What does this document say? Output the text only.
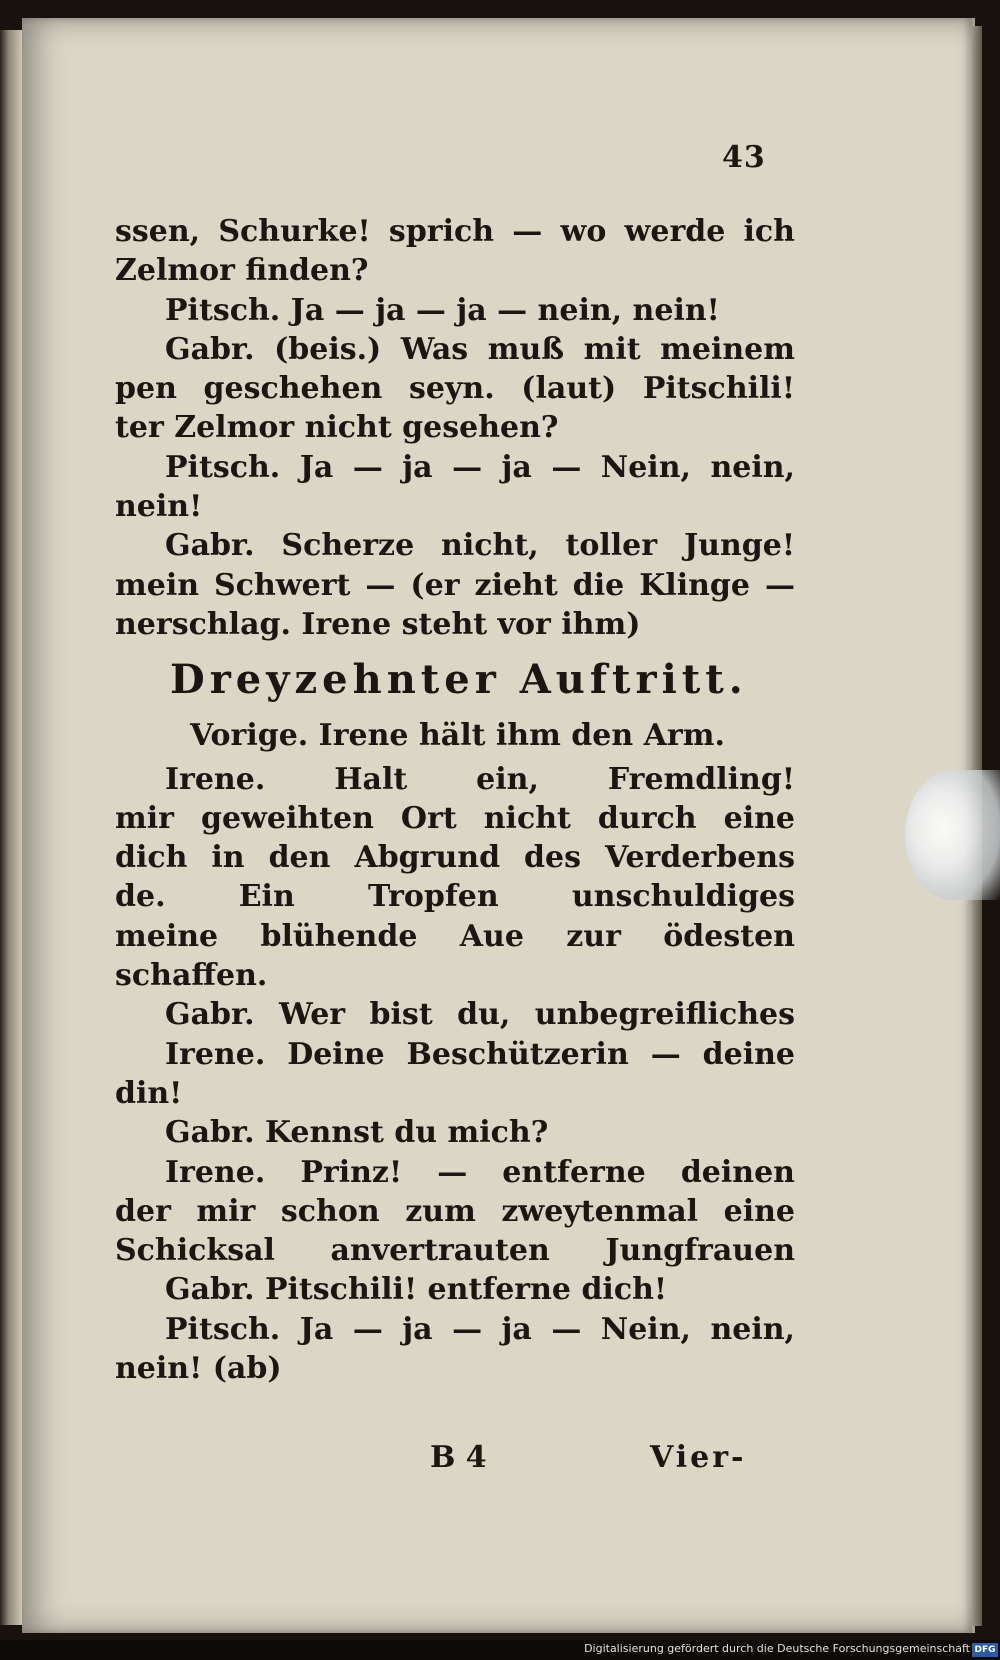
43
ssen, Schurke! sprich — wo werde ich
Zelmor finden?
Pitsch. Ja — ja — ja — nein, nein!
Gabr. (beis.) Was muß mit meinem
pen geschehen seyn. (laut) Pitschili!
ter Zelmor nicht gesehen?
Pitsch. Ja — ja — ja — Nein, nein,
nein!
Gabr. Scherze nicht, toller Junge!
mein Schwert — (er zieht die Klinge —
nerschlag. Irene steht vor ihm)
Dreyzehnter Auftritt.
Vorige. Irene hält ihm den Arm.
Irene. Halt ein, Fremdling!
mir geweihten Ort nicht durch eine
dich in den Abgrund des Verderbens
de. Ein Tropfen unschuldiges
meine blühende Aue zur ödesten
schaffen.
Gabr. Wer bist du, unbegreifliches
Irene. Deine Beschützerin — deine
din!
Gabr. Kennst du mich?
Irene. Prinz! — entferne deinen
der mir schon zum zweytenmal eine
Schicksal anvertrauten Jungfrauen
Gabr. Pitschili! entferne dich!
Pitsch. Ja — ja — ja — Nein, nein,
nein! (ab)
B 4	Vier-
Digitalisierung gefördert durch die Deutsche Forschungsgemeinschaft DFG
